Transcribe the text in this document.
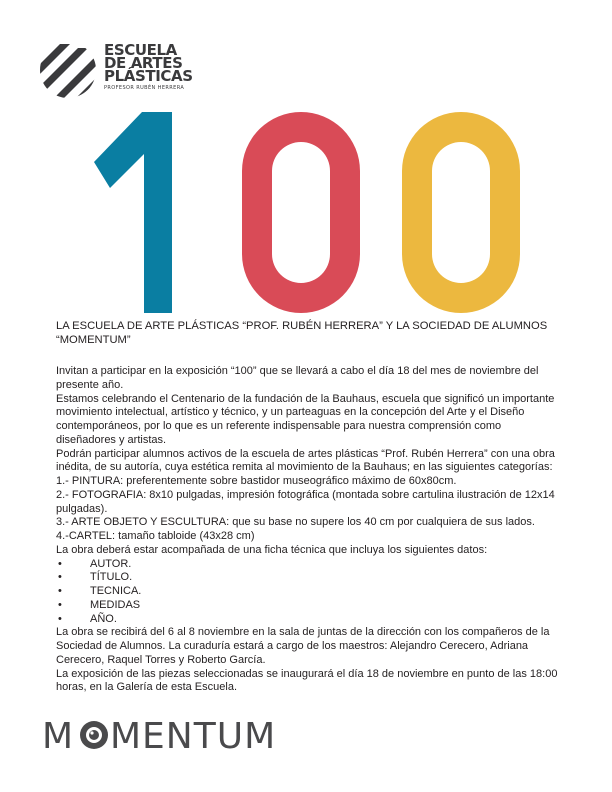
ESCUELA
DE ARTES
PLÁSTICAS
PROFESOR RUBÉN HERRERA
LA ESCUELA DE ARTE PLÁSTICAS “PROF. RUBÉN HERRERA” Y LA SOCIEDAD DE ALUMNOS “MOMENTUM”

Invitan a participar en la exposición “100” que se llevará a cabo el día 18 del mes de noviembre del presente año.

Estamos celebrando el Centenario de la fundación de la Bauhaus, escuela que significó un importante movimiento intelectual, artístico y técnico, y un parteaguas en la concepción del Arte y el Diseño contemporáneos, por lo que es un referente indispensable para nuestra comprensión como diseñadores y artistas.

Podrán participar alumnos activos de la escuela de artes plásticas “Prof. Rubén Herrera” con una obra inédita, de su autoría, cuya estética remita al movimiento de la Bauhaus; en las siguientes categorías:

1.- PINTURA: preferentemente sobre bastidor museográfico máximo de 60x80cm.

2.- FOTOGRAFIA: 8x10 pulgadas, impresión fotográfica (montada sobre cartulina ilustración de 12x14 pulgadas).

3.- ARTE OBJETO Y ESCULTURA: que su base no supere los 40 cm por cualquiera de sus lados.

4.-CARTEL: tamaño tabloide (43x28 cm)

La obra deberá estar acompañada de una ficha técnica que incluya los siguientes datos:

•	AUTOR.
•	TÍTULO.
•	TECNICA.
•	MEDIDAS
•	AÑO.

La obra se recibirá del 6 al 8 noviembre en la sala de juntas de la dirección con los compañeros de la Sociedad de Alumnos. La curaduría estará a cargo de los maestros: Alejandro Cerecero, Adriana Cerecero, Raquel Torres y Roberto García.

La exposición de las piezas seleccionadas se inaugurará el día 18 de noviembre en punto de las 18:00 horas, en la Galería de esta Escuela.

M MENTUM
